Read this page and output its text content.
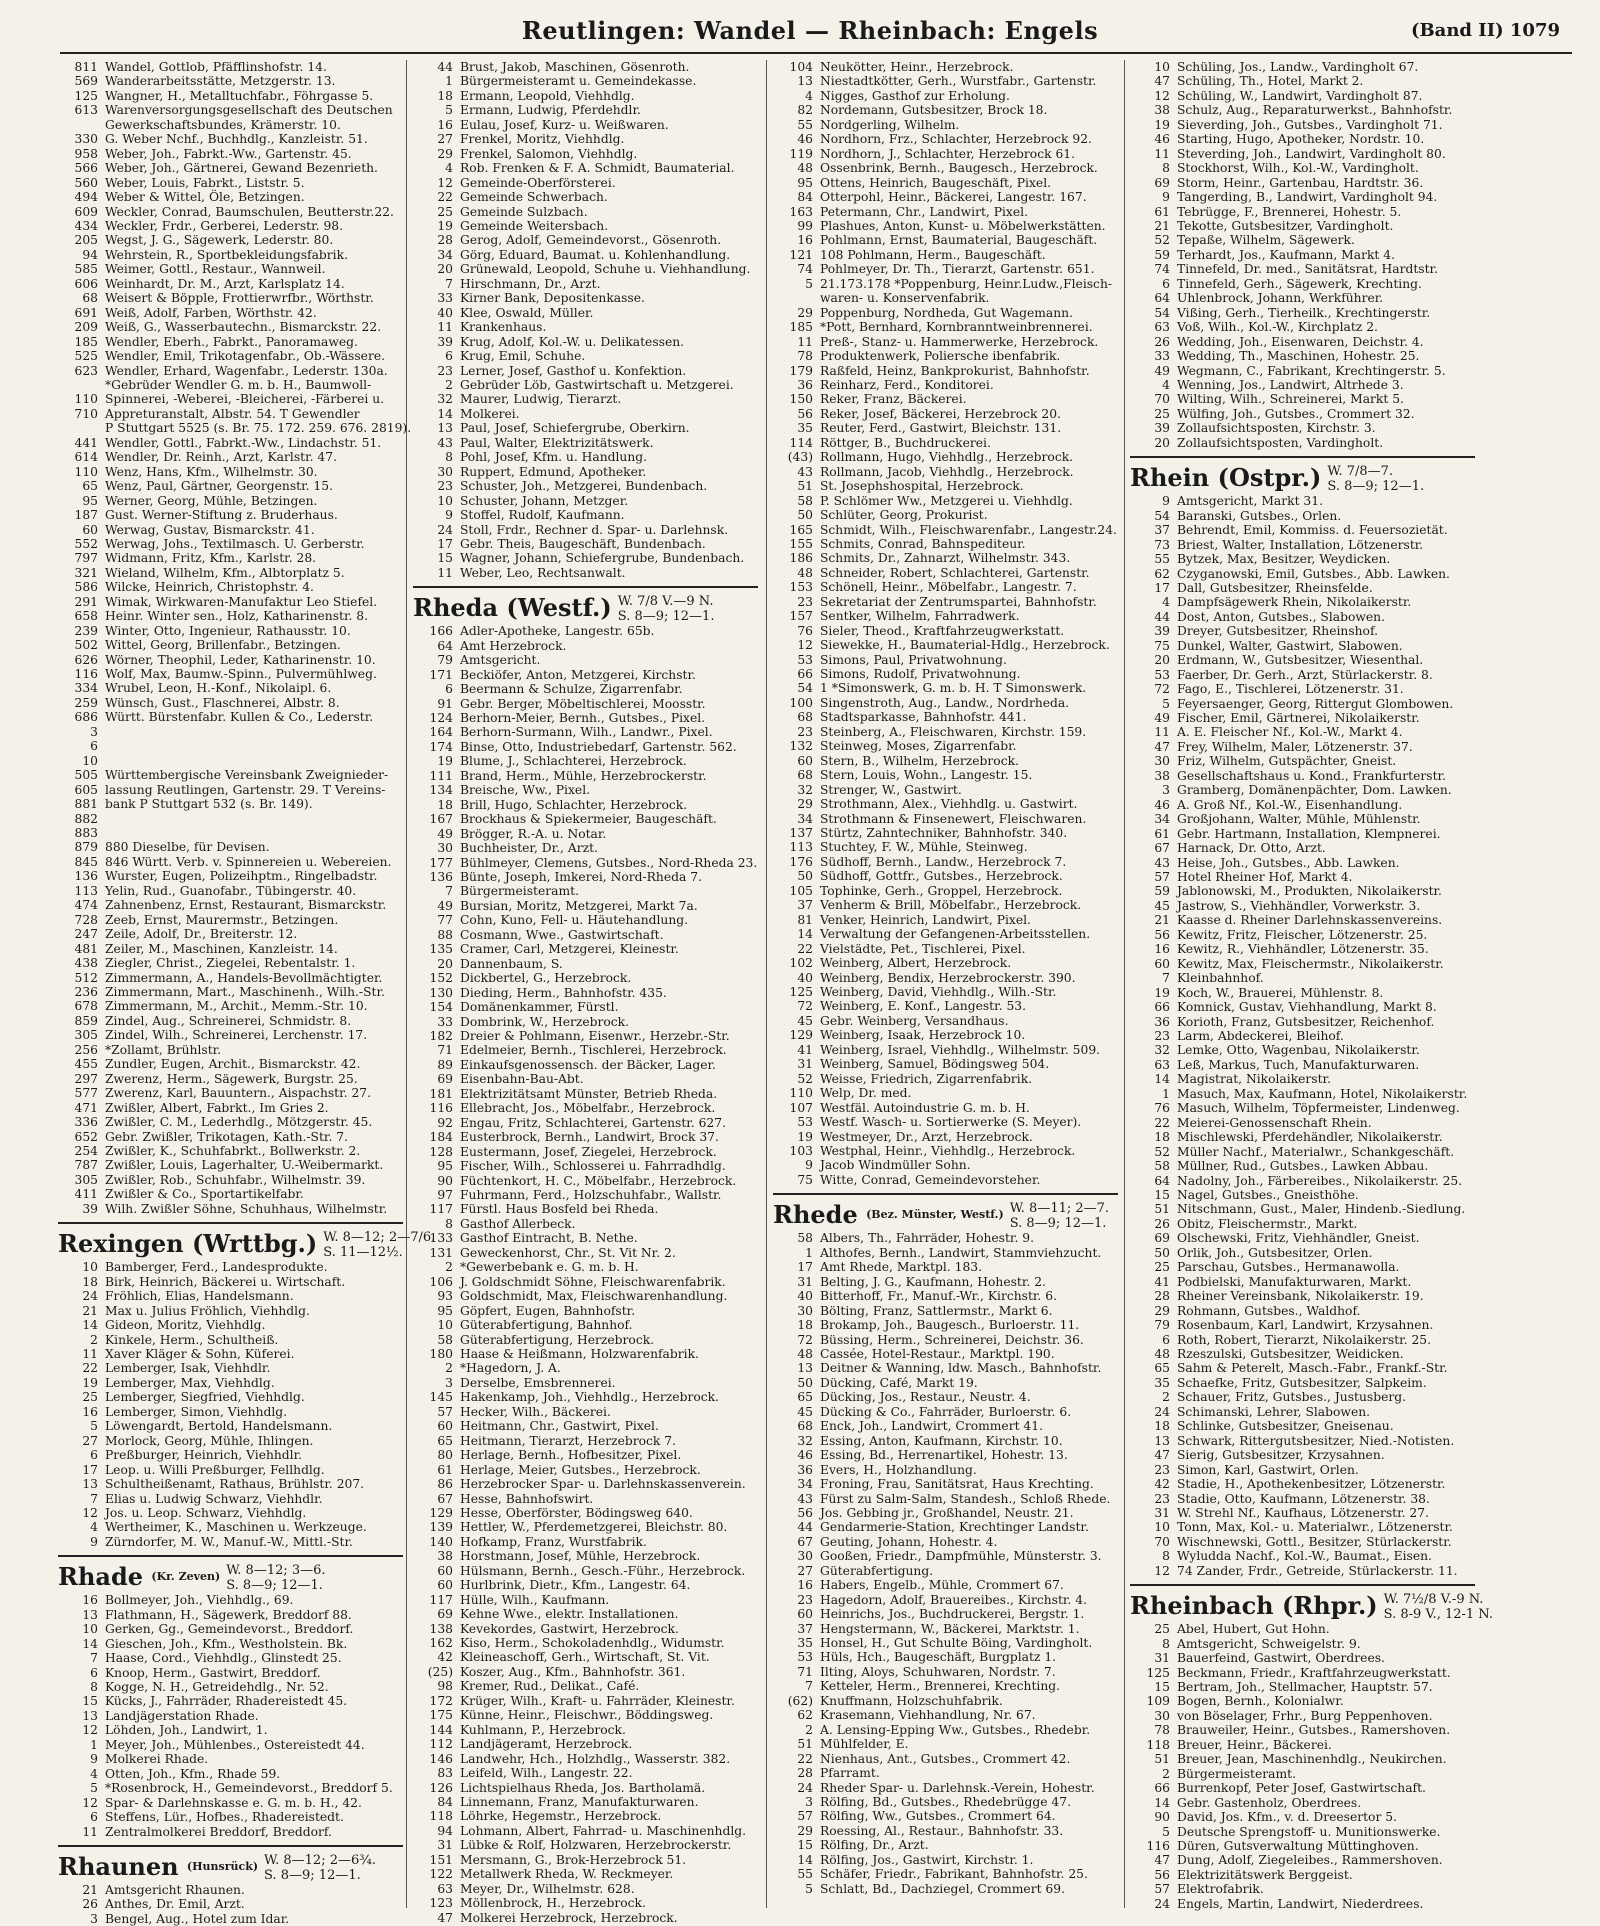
Reutlingen: Wandel — Rheinbach: Engels	(Band II) 1079
811 Wandel, Gottlob, Pfäfflinshofstr. 14.
569 Wanderarbeitsstätte, Metzgerstr. 13.
125 Wangner, H., Metalltuchfabr., Föhrgasse 5.
613 Warenversorgungsgesellschaft des Deutschen
Gewerkschaftsbundes, Krämerstr. 10.
330 G. Weber Nchf., Buchhdlg., Kanzleistr. 51.
958 Weber, Joh., Fabrkt.-Ww., Gartenstr. 45.
566 Weber, Joh., Gärtnerei, Gewand Bezenrieth.
560 Weber, Louis, Fabrkt., Liststr. 5.
494 Weber & Wittel, Öle, Betzingen.
609 Weckler, Conrad, Baumschulen, Beutterstr.22.
434 Weckler, Frdr., Gerberei, Lederstr. 98.
205 Wegst, J. G., Sägewerk, Lederstr. 80.
94 Wehrstein, R., Sportbekleidungsfabrik.
585 Weimer, Gottl., Restaur., Wannweil.
606 Weinhardt, Dr. M., Arzt, Karlsplatz 14.
68 Weisert & Böpple, Frottierwrfbr., Wörthstr.
691 Weiß, Adolf, Farben, Wörthstr. 42.
209 Weiß, G., Wasserbautechn., Bismarckstr. 22.
185 Wendler, Eberh., Fabrkt., Panoramaweg.
525 Wendler, Emil, Trikotagenfabr., Ob.-Wässere.
623 Wendler, Erhard, Wagenfabr., Lederstr. 130a.
*Gebrüder Wendler G. m. b. H., Baumwoll-
110 Spinnerei, -Weberei, -Bleicherei, -Färberei u.
710 Appreturanstalt, Albstr. 54. T Gewendler
P Stuttgart 5525 (s. Br. 75. 172. 259. 676. 2819).
441 Wendler, Gottl., Fabrkt.-Ww., Lindachstr. 51.
614 Wendler, Dr. Reinh., Arzt, Karlstr. 47.
110 Wenz, Hans, Kfm., Wilhelmstr. 30.
65 Wenz, Paul, Gärtner, Georgenstr. 15.
95 Werner, Georg, Mühle, Betzingen.
187 Gust. Werner-Stiftung z. Bruderhaus.
60 Werwag, Gustav, Bismarckstr. 41.
552 Werwag, Johs., Textilmasch. U. Gerberstr.
797 Widmann, Fritz, Kfm., Karlstr. 28.
321 Wieland, Wilhelm, Kfm., Albtorplatz 5.
586 Wilcke, Heinrich, Christophstr. 4.
291 Wimak, Wirkwaren-Manufaktur Leo Stiefel.
658 Heinr. Winter sen., Holz, Katharinenstr. 8.
239 Winter, Otto, Ingenieur, Rathausstr. 10.
502 Wittel, Georg, Brillenfabr., Betzingen.
626 Wörner, Theophil, Leder, Katharinenstr. 10.
116 Wolf, Max, Baumw.-Spinn., Pulvermühlweg.
334 Wrubel, Leon, H.-Konf., Nikolaipl. 6.
259 Wünsch, Gust., Flaschnerei, Albstr. 8.
686 Württ. Bürstenfabr. Kullen & Co., Lederstr.
3
6
10
505 Württembergische Vereinsbank Zweignieder-
605 lassung Reutlingen, Gartenstr. 29. T Vereins-
881 bank P Stuttgart 532 (s. Br. 149).
882
883
879 880 Dieselbe, für Devisen.
845 846 Württ. Verb. v. Spinnereien u. Webereien.
136 Wurster, Eugen, Polizeihptm., Ringelbadstr.
113 Yelin, Rud., Guanofabr., Tübingerstr. 40.
474 Zahnenbenz, Ernst, Restaurant, Bismarckstr.
728 Zeeb, Ernst, Maurermstr., Betzingen.
247 Zeile, Adolf, Dr., Breiterstr. 12.
481 Zeiler, M., Maschinen, Kanzleistr. 14.
438 Ziegler, Christ., Ziegelei, Rebentalstr. 1.
512 Zimmermann, A., Handels-Bevollmächtigter.
236 Zimmermann, Mart., Maschinenh., Wilh.-Str.
678 Zimmermann, M., Archit., Memm.-Str. 10.
859 Zindel, Aug., Schreinerei, Schmidstr. 8.
305 Zindel, Wilh., Schreinerei, Lerchenstr. 17.
256 *Zollamt, Brühlstr.
455 Zundler, Eugen, Archit., Bismarckstr. 42.
297 Zwerenz, Herm., Sägewerk, Burgstr. 25.
577 Zwerenz, Karl, Bauuntern., Aispachstr. 27.
471 Zwißler, Albert, Fabrkt., Im Gries 2.
336 Zwißler, C. M., Lederhdlg., Mötzgerstr. 45.
652 Gebr. Zwißler, Trikotagen, Kath.-Str. 7.
254 Zwißler, K., Schuhfabrkt., Bollwerkstr. 2.
787 Zwißler, Louis, Lagerhalter, U.-Weibermarkt.
305 Zwißler, Rob., Schuhfabr., Wilhelmstr. 39.
411 Zwißler & Co., Sportartikelfabr.
39 Wilh. Zwißler Söhne, Schuhhaus, Wilhelmstr.
Rexingen (Wrttbg.) W. 8—12; 2—7/6.
S. 11—12½.
10 Bamberger, Ferd., Landesprodukte.
18 Birk, Heinrich, Bäckerei u. Wirtschaft.
24 Fröhlich, Elias, Handelsmann.
21 Max u. Julius Fröhlich, Viehhdlg.
14 Gideon, Moritz, Viehhdlg.
2 Kinkele, Herm., Schultheiß.
11 Xaver Kläger & Sohn, Küferei.
22 Lemberger, Isak, Viehhdlr.
19 Lemberger, Max, Viehhdlg.
25 Lemberger, Siegfried, Viehhdlg.
16 Lemberger, Simon, Viehhdlg.
5 Löwengardt, Bertold, Handelsmann.
27 Morlock, Georg, Mühle, Ihlingen.
6 Preßburger, Heinrich, Viehhdlr.
17 Leop. u. Willi Preßburger, Fellhdlg.
13 Schultheißenamt, Rathaus, Brühlstr. 207.
7 Elias u. Ludwig Schwarz, Viehhdlr.
12 Jos. u. Leop. Schwarz, Viehhdlg.
4 Wertheimer, K., Maschinen u. Werkzeuge.
9 Zürndorfer, M. W., Manuf.-W., Mittl.-Str.
Rhade $^{(Kr. Zeven)}$ W. 8—12; 3—6.
S. 8—9; 12—1.
16 Bollmeyer, Joh., Viehhdlg., 69.
13 Flathmann, H., Sägewerk, Breddorf 88.
10 Gerken, Gg., Gemeindevorst., Breddorf.
14 Gieschen, Joh., Kfm., Westholstein. Bk.
7 Haase, Cord., Viehhdlg., Glinstedt 25.
6 Knoop, Herm., Gastwirt, Breddorf.
8 Kogge, N. H., Getreidehdlg., Nr. 52.
15 Kücks, J., Fahrräder, Rhadereistedt 45.
13 Landjägerstation Rhade.
12 Löhden, Joh., Landwirt, 1.
1 Meyer, Joh., Mühlenbes., Ostereistedt 44.
9 Molkerei Rhade.
4 Otten, Joh., Kfm., Rhade 59.
5 *Rosenbrock, H., Gemeindevorst., Breddorf 5.
12 Spar- & Darlehnskasse e. G. m. b. H., 42.
6 Steffens, Lür., Hofbes., Rhadereistedt.
11 Zentralmolkerei Breddorf, Breddorf.
Rhaunen $^{(Hunsrück)}$ W. 8—12; 2—6¾.
S. 8—9; 12—1.
21 Amtsgericht Rhaunen.
26 Anthes, Dr. Emil, Arzt.
3 Bengel, Aug., Hotel zum Idar.
44 Brust, Jakob, Maschinen, Gösenroth.
1 Bürgermeisteramt u. Gemeindekasse.
18 Ermann, Leopold, Viehhdlg.
5 Ermann, Ludwig, Pferdehdlr.
16 Eulau, Josef, Kurz- u. Weißwaren.
27 Frenkel, Moritz, Viehhdlg.
29 Frenkel, Salomon, Viehhdlg.
4 Rob. Frenken & F. A. Schmidt, Baumaterial.
12 Gemeinde-Oberförsterei.
22 Gemeinde Schwerbach.
25 Gemeinde Sulzbach.
19 Gemeinde Weitersbach.
28 Gerog, Adolf, Gemeindevorst., Gösenroth.
34 Görg, Eduard, Baumat. u. Kohlenhandlung.
20 Grünewald, Leopold, Schuhe u. Viehhandlung.
7 Hirschmann, Dr., Arzt.
33 Kirner Bank, Depositenkasse.
40 Klee, Oswald, Müller.
11 Krankenhaus.
39 Krug, Adolf, Kol.-W. u. Delikatessen.
6 Krug, Emil, Schuhe.
23 Lerner, Josef, Gasthof u. Konfektion.
2 Gebrüder Löb, Gastwirtschaft u. Metzgerei.
32 Maurer, Ludwig, Tierarzt.
14 Molkerei.
13 Paul, Josef, Schiefergrube, Oberkirn.
43 Paul, Walter, Elektrizitätswerk.
8 Pohl, Josef, Kfm. u. Handlung.
30 Ruppert, Edmund, Apotheker.
23 Schuster, Joh., Metzgerei, Bundenbach.
10 Schuster, Johann, Metzger.
9 Stoffel, Rudolf, Kaufmann.
24 Stoll, Frdr., Rechner d. Spar- u. Darlehnsk.
17 Gebr. Theis, Baugeschäft, Bundenbach.
15 Wagner, Johann, Schiefergrube, Bundenbach.
11 Weber, Leo, Rechtsanwalt.
Rheda (Westf.) W. 7/8 V.—9 N.
S. 8—9; 12—1.
166 Adler-Apotheke, Langestr. 65b.
64 Amt Herzebrock.
79 Amtsgericht.
171 Beckiöfer, Anton, Metzgerei, Kirchstr.
6 Beermann & Schulze, Zigarrenfabr.
91 Gebr. Berger, Möbeltischlerei, Moosstr.
124 Berhorn-Meier, Bernh., Gutsbes., Pixel.
164 Berhorn-Surmann, Wilh., Landwr., Pixel.
174 Binse, Otto, Industriebedarf, Gartenstr. 562.
19 Blume, J., Schlachterei, Herzebrock.
111 Brand, Herm., Mühle, Herzebrockerstr.
134 Breische, Ww., Pixel.
18 Brill, Hugo, Schlachter, Herzebrock.
167 Brockhaus & Spiekermeier, Baugeschäft.
49 Brögger, R.-A. u. Notar.
30 Buchheister, Dr., Arzt.
177 Bühlmeyer, Clemens, Gutsbes., Nord-Rheda 23.
136 Bünte, Joseph, Imkerei, Nord-Rheda 7.
7 Bürgermeisteramt.
49 Bursian, Moritz, Metzgerei, Markt 7a.
77 Cohn, Kuno, Fell- u. Häutehandlung.
88 Cosmann, Wwe., Gastwirtschaft.
135 Cramer, Carl, Metzgerei, Kleinestr.
20 Dannenbaum, S.
152 Dickbertel, G., Herzebrock.
130 Dieding, Herm., Bahnhofstr. 435.
154 Domänenkammer, Fürstl.
33 Dombrink, W., Herzebrock.
182 Dreier & Pohlmann, Eisenwr., Herzebr.-Str.
71 Edelmeier, Bernh., Tischlerei, Herzebrock.
89 Einkaufsgenossensch. der Bäcker, Lager.
69 Eisenbahn-Bau-Abt.
181 Elektrizitätsamt Münster, Betrieb Rheda.
116 Ellebracht, Jos., Möbelfabr., Herzebrock.
92 Engau, Fritz, Schlachterei, Gartenstr. 627.
184 Eusterbrock, Bernh., Landwirt, Brock 37.
128 Eustermann, Josef, Ziegelei, Herzebrock.
95 Fischer, Wilh., Schlosserei u. Fahrradhdlg.
90 Füchtenkort, H. C., Möbelfabr., Herzebrock.
97 Fuhrmann, Ferd., Holzschuhfabr., Wallstr.
117 Fürstl. Haus Bosfeld bei Rheda.
8 Gasthof Allerbeck.
133 Gasthof Eintracht, B. Nethe.
131 Geweckenhorst, Chr., St. Vit Nr. 2.
2 *Gewerbebank e. G. m. b. H.
106 J. Goldschmidt Söhne, Fleischwarenfabrik.
93 Goldschmidt, Max, Fleischwarenhandlung.
95 Göpfert, Eugen, Bahnhofstr.
10 Güterabfertigung, Bahnhof.
58 Güterabfertigung, Herzebrock.
180 Haase & Heißmann, Holzwarenfabrik.
2 *Hagedorn, J. A.
3 Derselbe, Emsbrennerei.
145 Hakenkamp, Joh., Viehhdlg., Herzebrock.
57 Hecker, Wilh., Bäckerei.
60 Heitmann, Chr., Gastwirt, Pixel.
65 Heitmann, Tierarzt, Herzebrock 7.
80 Herlage, Bernh., Hofbesitzer, Pixel.
61 Herlage, Meier, Gutsbes., Herzebrock.
86 Herzebrocker Spar- u. Darlehnskassenverein.
67 Hesse, Bahnhofswirt.
129 Hesse, Oberförster, Bödingsweg 640.
139 Hettler, W., Pferdemetzgerei, Bleichstr. 80.
140 Hofkamp, Franz, Wurstfabrik.
38 Horstmann, Josef, Mühle, Herzebrock.
60 Hülsmann, Bernh., Gesch.-Führ., Herzebrock.
60 Hurlbrink, Dietr., Kfm., Langestr. 64.
117 Hülle, Wilh., Kaufmann.
69 Kehne Wwe., elektr. Installationen.
138 Kevekordes, Gastwirt, Herzebrock.
162 Kiso, Herm., Schokoladenhdlg., Widumstr.
42 Kleineaschoff, Gerh., Wirtschaft, St. Vit.
(25) Koszer, Aug., Kfm., Bahnhofstr. 361.
98 Kremer, Rud., Delikat., Café.
172 Krüger, Wilh., Kraft- u. Fahrräder, Kleinestr.
175 Künne, Heinr., Fleischwr., Böddingsweg.
144 Kuhlmann, P., Herzebrock.
112 Landjägeramt, Herzebrock.
146 Landwehr, Hch., Holzhdlg., Wasserstr. 382.
83 Leifeld, Wilh., Langestr. 22.
126 Lichtspielhaus Rheda, Jos. Bartholamä.
84 Linnemann, Franz, Manufakturwaren.
118 Löhrke, Hegemstr., Herzebrock.
94 Lohmann, Albert, Fahrrad- u. Maschinenhdlg.
31 Lübke & Rolf, Holzwaren, Herzebrockerstr.
151 Mersmann, G., Brok-Herzebrock 51.
122 Metallwerk Rheda, W. Reckmeyer.
63 Meyer, Dr., Wilhelmstr. 628.
123 Möllenbrock, H., Herzebrock.
47 Molkerei Herzebrock, Herzebrock.
104 Neukötter, Heinr., Herzebrock.
13 Niestadtkötter, Gerh., Wurstfabr., Gartenstr.
4 Nigges, Gasthof zur Erholung.
82 Nordemann, Gutsbesitzer, Brock 18.
55 Nordgerling, Wilhelm.
46 Nordhorn, Frz., Schlachter, Herzebrock 92.
119 Nordhorn, J., Schlachter, Herzebrock 61.
48 Ossenbrink, Bernh., Baugesch., Herzebrock.
95 Ottens, Heinrich, Baugeschäft, Pixel.
84 Otterpohl, Heinr., Bäckerei, Langestr. 167.
163 Petermann, Chr., Landwirt, Pixel.
99 Plashues, Anton, Kunst- u. Möbelwerkstätten.
16 Pohlmann, Ernst, Baumaterial, Baugeschäft.
121 108 Pohlmann, Herm., Baugeschäft.
74 Pohlmeyer, Dr. Th., Tierarzt, Gartenstr. 651.
5 21.173.178 *Poppenburg, Heinr.Ludw.,Fleisch-
waren- u. Konservenfabrik.
29 Poppenburg, Nordheda, Gut Wagemann.
185 *Pott, Bernhard, Kornbranntweinbrennerei.
11 Preß-, Stanz- u. Hammerwerke, Herzebrock.
78 Produktenwerk, Poliersche ibenfabrik.
179 Raßfeld, Heinz, Bankprokurist, Bahnhofstr.
36 Reinharz, Ferd., Konditorei.
150 Reker, Franz, Bäckerei.
56 Reker, Josef, Bäckerei, Herzebrock 20.
35 Reuter, Ferd., Gastwirt, Bleichstr. 131.
114 Röttger, B., Buchdruckerei.
(43) Rollmann, Hugo, Viehhdlg., Herzebrock.
43 Rollmann, Jacob, Viehhdlg., Herzebrock.
51 St. Josephshospital, Herzebrock.
58 P. Schlömer Ww., Metzgerei u. Viehhdlg.
50 Schlüter, Georg, Prokurist.
165 Schmidt, Wilh., Fleischwarenfabr., Langestr.24.
155 Schmits, Conrad, Bahnspediteur.
186 Schmits, Dr., Zahnarzt, Wilhelmstr. 343.
48 Schneider, Robert, Schlachterei, Gartenstr.
153 Schönell, Heinr., Möbelfabr., Langestr. 7.
23 Sekretariat der Zentrumspartei, Bahnhofstr.
157 Sentker, Wilhelm, Fahrradwerk.
76 Sieler, Theod., Kraftfahrzeugwerkstatt.
12 Siewekke, H., Baumaterial-Hdlg., Herzebrock.
53 Simons, Paul, Privatwohnung.
66 Simons, Rudolf, Privatwohnung.
54 1 *Simonswerk, G. m. b. H. T Simonswerk.
100 Singenstroth, Aug., Landw., Nordrheda.
68 Stadtsparkasse, Bahnhofstr. 441.
23 Steinberg, A., Fleischwaren, Kirchstr. 159.
132 Steinweg, Moses, Zigarrenfabr.
60 Stern, B., Wilhelm, Herzebrock.
68 Stern, Louis, Wohn., Langestr. 15.
32 Strenger, W., Gastwirt.
29 Strothmann, Alex., Viehhdlg. u. Gastwirt.
34 Strothmann & Finsenewert, Fleischwaren.
137 Stürtz, Zahntechniker, Bahnhofstr. 340.
113 Stuchtey, F. W., Mühle, Steinweg.
176 Südhoff, Bernh., Landw., Herzebrock 7.
50 Südhoff, Gottfr., Gutsbes., Herzebrock.
105 Tophinke, Gerh., Groppel, Herzebrock.
37 Venherm & Brill, Möbelfabr., Herzebrock.
81 Venker, Heinrich, Landwirt, Pixel.
14 Verwaltung der Gefangenen-Arbeitsstellen.
22 Vielstädte, Pet., Tischlerei, Pixel.
102 Weinberg, Albert, Herzebrock.
40 Weinberg, Bendix, Herzebrockerstr. 390.
125 Weinberg, David, Viehhdlg., Wilh.-Str.
72 Weinberg, E. Konf., Langestr. 53.
45 Gebr. Weinberg, Versandhaus.
129 Weinberg, Isaak, Herzebrock 10.
41 Weinberg, Israel, Viehhdlg., Wilhelmstr. 509.
31 Weinberg, Samuel, Bödingsweg 504.
52 Weisse, Friedrich, Zigarrenfabrik.
110 Welp, Dr. med.
107 Westfäl. Autoindustrie G. m. b. H.
53 Westf. Wasch- u. Sortierwerke (S. Meyer).
19 Westmeyer, Dr., Arzt, Herzebrock.
103 Westphal, Heinr., Viehhdlg., Herzebrock.
9 Jacob Windmüller Sohn.
75 Witte, Conrad, Gemeindevorsteher.
Rhede $^{(Bez. Münster, Westf.)}$ W. 8—11; 2—7.
S. 8—9; 12—1.
58 Albers, Th., Fahrräder, Hohestr. 9.
1 Althofes, Bernh., Landwirt, Stammviehzucht.
17 Amt Rhede, Marktpl. 183.
31 Belting, J. G., Kaufmann, Hohestr. 2.
40 Bitterhoff, Fr., Manuf.-Wr., Kirchstr. 6.
30 Bölting, Franz, Sattlermstr., Markt 6.
18 Brokamp, Joh., Baugesch., Burloerstr. 11.
72 Büssing, Herm., Schreinerei, Deichstr. 36.
48 Cassée, Hotel-Restaur., Marktpl. 190.
13 Deitner & Wanning, ldw. Masch., Bahnhofstr.
50 Dücking, Café, Markt 19.
65 Dücking, Jos., Restaur., Neustr. 4.
45 Dücking & Co., Fahrräder, Burloerstr. 6.
68 Enck, Joh., Landwirt, Crommert 41.
32 Essing, Anton, Kaufmann, Kirchstr. 10.
46 Essing, Bd., Herrenartikel, Hohestr. 13.
36 Evers, H., Holzhandlung.
34 Froning, Frau, Sanitätsrat, Haus Krechting.
43 Fürst zu Salm-Salm, Standesh., Schloß Rhede.
56 Jos. Gebbing jr., Großhandel, Neustr. 21.
44 Gendarmerie-Station, Krechtinger Landstr.
67 Geuting, Johann, Hohestr. 4.
30 Gooßen, Friedr., Dampfmühle, Münsterstr. 3.
27 Güterabfertigung.
16 Habers, Engelb., Mühle, Crommert 67.
23 Hagedorn, Adolf, Brauereibes., Kirchstr. 4.
60 Heinrichs, Jos., Buchdruckerei, Bergstr. 1.
37 Hengstermann, W., Bäckerei, Marktstr. 1.
35 Honsel, H., Gut Schulte Böing, Vardingholt.
53 Hüls, Hch., Baugeschäft, Burgplatz 1.
71 Ilting, Aloys, Schuhwaren, Nordstr. 7.
7 Ketteler, Herm., Brennerei, Krechting.
(62) Knuffmann, Holzschuhfabrik.
62 Krasemann, Viehhandlung, Nr. 67.
2 A. Lensing-Epping Ww., Gutsbes., Rhedebr.
51 Mühlfelder, E.
22 Nienhaus, Ant., Gutsbes., Crommert 42.
28 Pfarramt.
24 Rheder Spar- u. Darlehnsk.-Verein, Hohestr.
3 Rölfing, Bd., Gutsbes., Rhedebrügge 47.
57 Rölfing, Ww., Gutsbes., Crommert 64.
29 Roessing, Al., Restaur., Bahnhofstr. 33.
15 Rölfing, Dr., Arzt.
14 Rölfing, Jos., Gastwirt, Kirchstr. 1.
55 Schäfer, Friedr., Fabrikant, Bahnhofstr. 25.
5 Schlatt, Bd., Dachziegel, Crommert 69.
10 Schüling, Jos., Landw., Vardingholt 67.
47 Schüling, Th., Hotel, Markt 2.
12 Schüling, W., Landwirt, Vardingholt 87.
38 Schulz, Aug., Reparaturwerkst., Bahnhofstr.
19 Sieverding, Joh., Gutsbes., Vardingholt 71.
46 Starting, Hugo, Apotheker, Nordstr. 10.
11 Steverding, Joh., Landwirt, Vardingholt 80.
8 Stockhorst, Wilh., Kol.-W., Vardingholt.
69 Storm, Heinr., Gartenbau, Hardtstr. 36.
9 Tangerding, B., Landwirt, Vardingholt 94.
61 Tebrügge, F., Brennerei, Hohestr. 5.
21 Tekotte, Gutsbesitzer, Vardingholt.
52 Tepaße, Wilhelm, Sägewerk.
59 Terhardt, Jos., Kaufmann, Markt 4.
74 Tinnefeld, Dr. med., Sanitätsrat, Hardtstr.
6 Tinnefeld, Gerh., Sägewerk, Krechting.
64 Uhlenbrock, Johann, Werkführer.
54 Vißing, Gerh., Tierheilk., Krechtingerstr.
63 Voß, Wilh., Kol.-W., Kirchplatz 2.
26 Wedding, Joh., Eisenwaren, Deichstr. 4.
33 Wedding, Th., Maschinen, Hohestr. 25.
49 Wegmann, C., Fabrikant, Krechtingerstr. 5.
4 Wenning, Jos., Landwirt, Altrhede 3.
70 Wilting, Wilh., Schreinerei, Markt 5.
25 Wülfing, Joh., Gutsbes., Crommert 32.
39 Zollaufsichtsposten, Kirchstr. 3.
20 Zollaufsichtsposten, Vardingholt.
Rhein (Ostpr.) W. 7/8—7.
S. 8—9; 12—1.
9 Amtsgericht, Markt 31.
54 Baranski, Gutsbes., Orlen.
37 Behrendt, Emil, Kommiss. d. Feuersozietät.
73 Briest, Walter, Installation, Lötzenerstr.
55 Bytzek, Max, Besitzer, Weydicken.
62 Czyganowski, Emil, Gutsbes., Abb. Lawken.
17 Dall, Gutsbesitzer, Rheinsfelde.
4 Dampfsägewerk Rhein, Nikolaikerstr.
44 Dost, Anton, Gutsbes., Slabowen.
39 Dreyer, Gutsbesitzer, Rheinshof.
75 Dunkel, Walter, Gastwirt, Slabowen.
20 Erdmann, W., Gutsbesitzer, Wiesenthal.
53 Faerber, Dr. Gerh., Arzt, Stürlackerstr. 8.
72 Fago, E., Tischlerei, Lötzenerstr. 31.
5 Feyersaenger, Georg, Rittergut Glombowen.
49 Fischer, Emil, Gärtnerei, Nikolaikerstr.
11 A. E. Fleischer Nf., Kol.-W., Markt 4.
47 Frey, Wilhelm, Maler, Lötzenerstr. 37.
30 Friz, Wilhelm, Gutspächter, Gneist.
38 Gesellschaftshaus u. Kond., Frankfurterstr.
3 Gramberg, Domänenpächter, Dom. Lawken.
46 A. Groß Nf., Kol.-W., Eisenhandlung.
34 Großjohann, Walter, Mühle, Mühlenstr.
61 Gebr. Hartmann, Installation, Klempnerei.
67 Harnack, Dr. Otto, Arzt.
43 Heise, Joh., Gutsbes., Abb. Lawken.
57 Hotel Rheiner Hof, Markt 4.
59 Jablonowski, M., Produkten, Nikolaikerstr.
45 Jastrow, S., Viehhändler, Vorwerkstr. 3.
21 Kaasse d. Rheiner Darlehnskassenvereins.
56 Kewitz, Fritz, Fleischer, Lötzenerstr. 25.
16 Kewitz, R., Viehhändler, Lötzenerstr. 35.
60 Kewitz, Max, Fleischermstr., Nikolaikerstr.
7 Kleinbahnhof.
19 Koch, W., Brauerei, Mühlenstr. 8.
66 Komnick, Gustav, Viehhandlung, Markt 8.
36 Korioth, Franz, Gutsbesitzer, Reichenhof.
23 Larm, Abdeckerei, Bleihof.
32 Lemke, Otto, Wagenbau, Nikolaikerstr.
63 Leß, Markus, Tuch, Manufakturwaren.
14 Magistrat, Nikolaikerstr.
1 Masuch, Max, Kaufmann, Hotel, Nikolaikerstr.
76 Masuch, Wilhelm, Töpfermeister, Lindenweg.
22 Meierei-Genossenschaft Rhein.
18 Mischlewski, Pferdehändler, Nikolaikerstr.
52 Müller Nachf., Materialwr., Schankgeschäft.
58 Müllner, Rud., Gutsbes., Lawken Abbau.
64 Nadolny, Joh., Färbereibes., Nikolaikerstr. 25.
15 Nagel, Gutsbes., Gneisthöhe.
51 Nitschmann, Gust., Maler, Hindenb.-Siedlung.
26 Obitz, Fleischermstr., Markt.
69 Olschewski, Fritz, Viehhändler, Gneist.
50 Orlik, Joh., Gutsbesitzer, Orlen.
25 Parschau, Gutsbes., Hermanawolla.
41 Podbielski, Manufakturwaren, Markt.
28 Rheiner Vereinsbank, Nikolaikerstr. 19.
29 Rohmann, Gutsbes., Waldhof.
79 Rosenbaum, Karl, Landwirt, Krzysahnen.
6 Roth, Robert, Tierarzt, Nikolaikerstr. 25.
48 Rzeszulski, Gutsbesitzer, Weidicken.
65 Sahm & Peterelt, Masch.-Fabr., Frankf.-Str.
35 Schaefke, Fritz, Gutsbesitzer, Salpkeim.
2 Schauer, Fritz, Gutsbes., Justusberg.
24 Schimanski, Lehrer, Slabowen.
18 Schlinke, Gutsbesitzer, Gneisenau.
13 Schwark, Rittergutsbesitzer, Nied.-Notisten.
47 Sierig, Gutsbesitzer, Krzysahnen.
23 Simon, Karl, Gastwirt, Orlen.
42 Stadie, H., Apothekenbesitzer, Lötzenerstr.
23 Stadie, Otto, Kaufmann, Lötzenerstr. 38.
31 W. Strehl Nf., Kaufhaus, Lötzenerstr. 27.
10 Tonn, Max, Kol.- u. Materialwr., Lötzenerstr.
70 Wischnewski, Gottl., Besitzer, Stürlackerstr.
8 Wyludda Nachf., Kol.-W., Baumat., Eisen.
12 74 Zander, Frdr., Getreide, Stürlackerstr. 11.
Rheinbach (Rhpr.) W. 7½/8 V.-9 N.
S. 8-9 V., 12-1 N.
25 Abel, Hubert, Gut Hohn.
8 Amtsgericht, Schweigelstr. 9.
31 Bauerfeind, Gastwirt, Oberdrees.
125 Beckmann, Friedr., Kraftfahrzeugwerkstatt.
15 Bertram, Joh., Stellmacher, Hauptstr. 57.
109 Bogen, Bernh., Kolonialwr.
30 von Böselager, Frhr., Burg Peppenhoven.
78 Brauweiler, Heinr., Gutsbes., Ramershoven.
118 Breuer, Heinr., Bäckerei.
51 Breuer, Jean, Maschinenhdlg., Neukirchen.
2 Bürgermeisteramt.
66 Burrenkopf, Peter Josef, Gastwirtschaft.
14 Gebr. Gastenholz, Oberdrees.
90 David, Jos. Kfm., v. d. Dreesertor 5.
5 Deutsche Sprengstoff- u. Munitionswerke.
116 Düren, Gutsverwaltung Müttinghoven.
47 Dung, Adolf, Ziegeleibes., Rammershoven.
56 Elektrizitätswerk Berggeist.
57 Elektrofabrik.
24 Engels, Martin, Landwirt, Niederdrees.
